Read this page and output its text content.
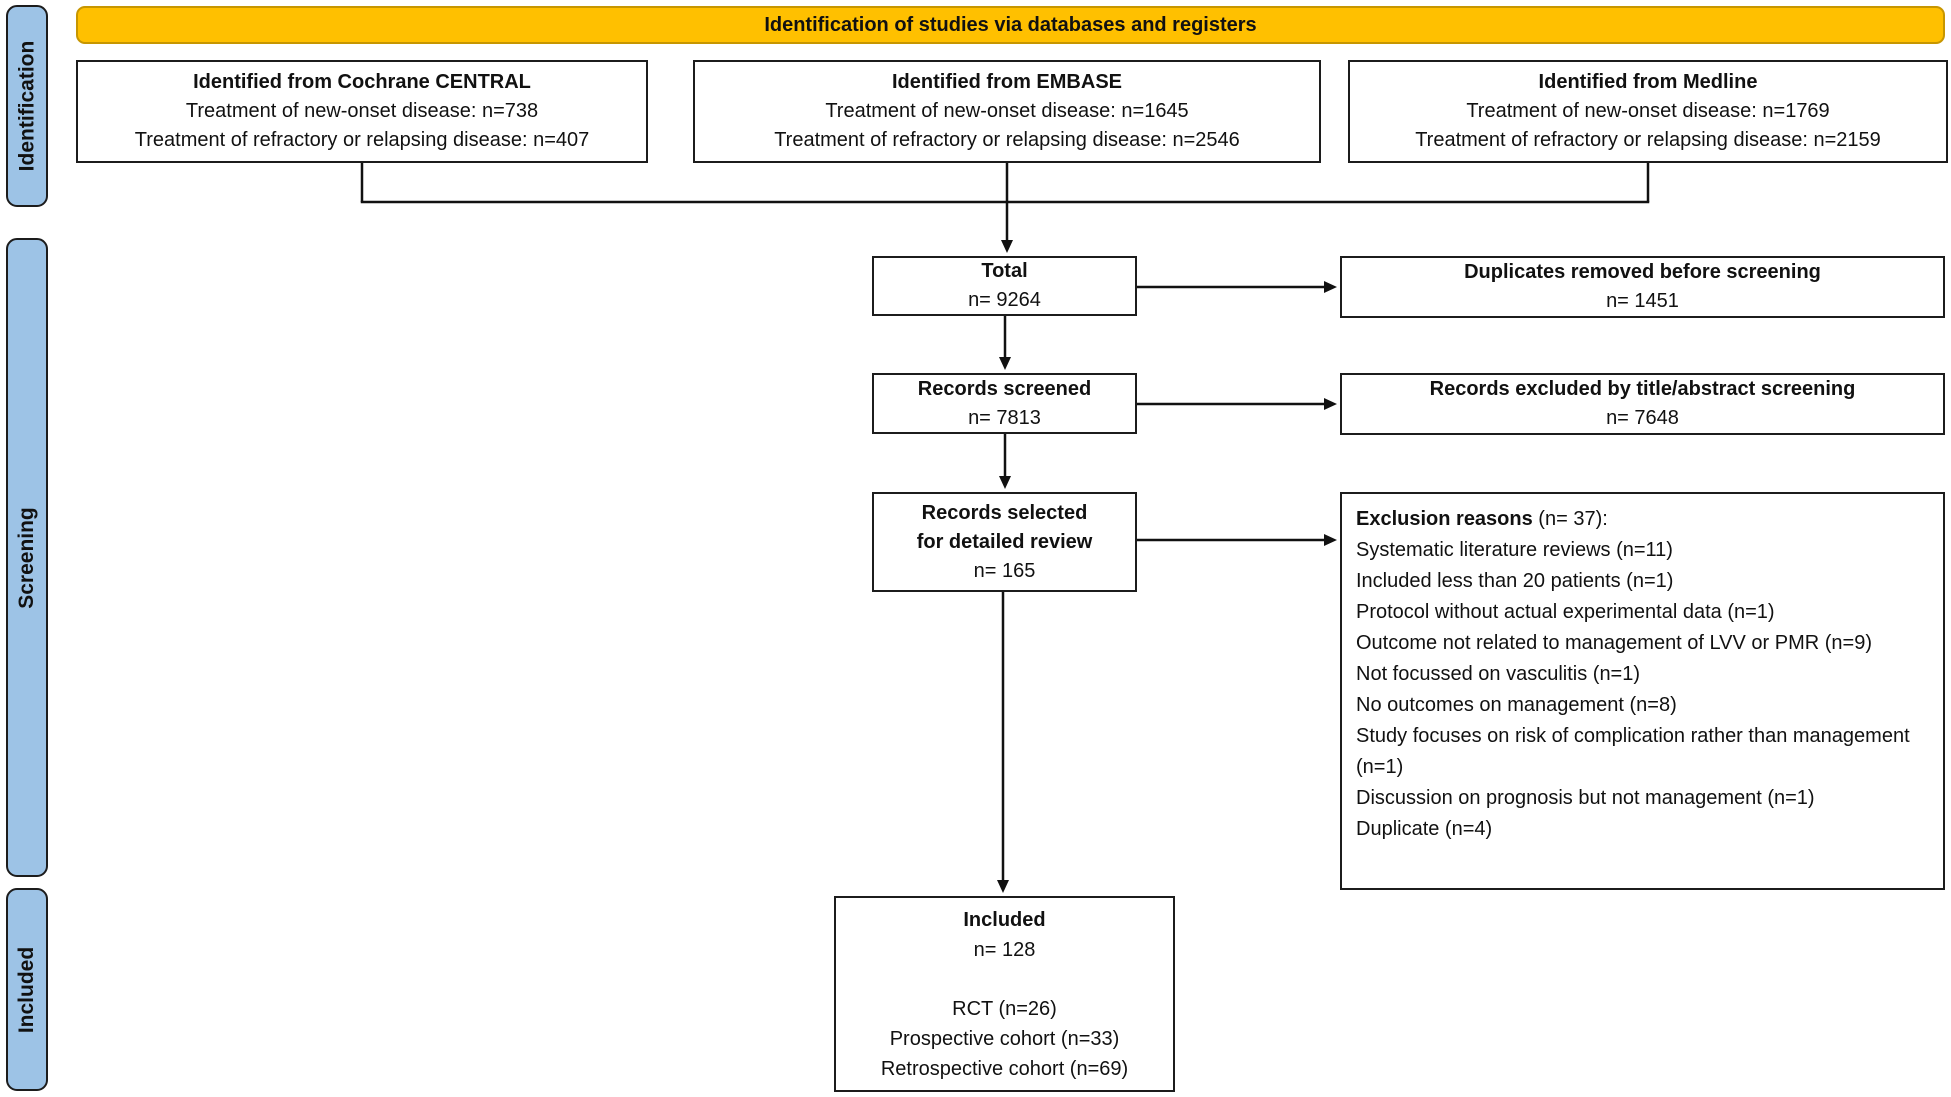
Identification of studies via databases and registers
Identification
Screening
Included
Identified from Cochrane CENTRAL
Treatment of new-onset disease: n=738
Treatment of refractory or relapsing disease: n=407
Identified from EMBASE
Treatment of new-onset disease: n=1645
Treatment of refractory or relapsing disease: n=2546
Identified from Medline
Treatment of new-onset disease: n=1769
Treatment of refractory or relapsing disease: n=2159
Total
n= 9264
Duplicates removed before screening
n= 1451
Records screened
n= 7813
Records excluded by title/abstract screening
n= 7648
Records selected
for detailed review
n= 165
Exclusion reasons (n= 37):
Systematic literature reviews (n=11)
Included less than 20 patients (n=1)
Protocol without actual experimental data (n=1)
Outcome not related to management of LVV or PMR (n=9)
Not focussed on vasculitis (n=1)
No outcomes on management (n=8)
Study focuses on risk of complication rather than management (n=1)
Discussion on prognosis but not management (n=1)
Duplicate (n=4)
Included
n= 128
RCT (n=26)
Prospective cohort (n=33)
Retrospective cohort (n=69)
